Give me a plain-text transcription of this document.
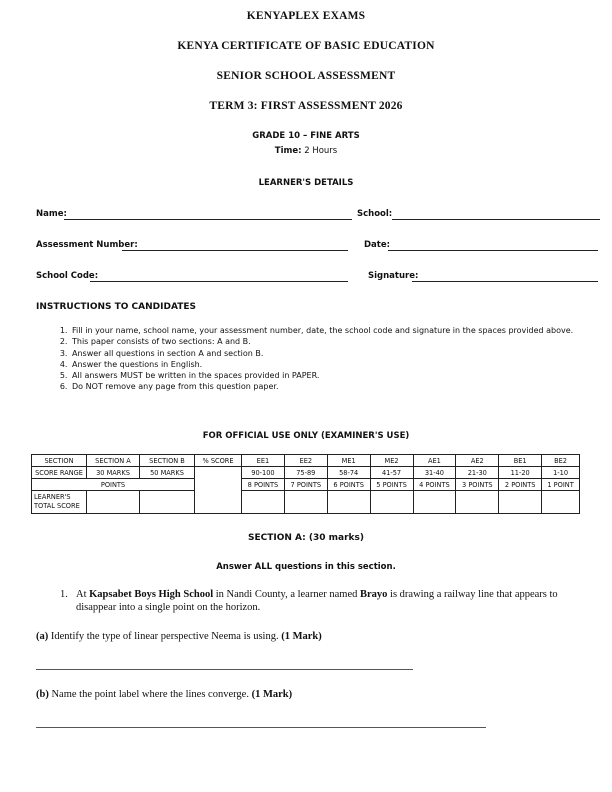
KENYAPLEX EXAMS
KENYA CERTIFICATE OF BASIC EDUCATION
SENIOR SCHOOL ASSESSMENT
TERM 3: FIRST ASSESSMENT 2026
GRADE 10 – FINE ARTS
Time: 2 Hours
LEARNER'S DETAILS
Name:	School:
Assessment Number:	Date:
School Code:	Signature:
INSTRUCTIONS TO CANDIDATES
1. Fill in your name, school name, your assessment number, date, the school code and signature in the spaces provided above.
2. This paper consists of two sections: A and B.
3. Answer all questions in section A and section B.
4. Answer the questions in English.
5. All answers MUST be written in the spaces provided in PAPER.
6. Do NOT remove any page from this question paper.
FOR OFFICIAL USE ONLY (EXAMINER'S USE)
SECTION	SECTION A	SECTION B	% SCORE	EE1	EE2	ME1	ME2	AE1	AE2	BE1	BE2
SCORE RANGE	30 MARKS	50 MARKS		90-100	75-89	58-74	41-57	31-40	21-30	11-20	1-10
POINTS				8 POINTS	7 POINTS	6 POINTS	5 POINTS	4 POINTS	3 POINTS	2 POINTS	1 POINT

LEARNER'S
TOTAL SCORE											

SECTION A: (30 marks)
Answer ALL questions in this section.
1. At Kapsabet Boys High School in Nandi County, a learner named Brayo is drawing a railway line that appears to disappear into a single point on the horizon.
(a) Identify the type of linear perspective Neema is using. (1 Mark)
(b) Name the point label where the lines converge. (1 Mark)
